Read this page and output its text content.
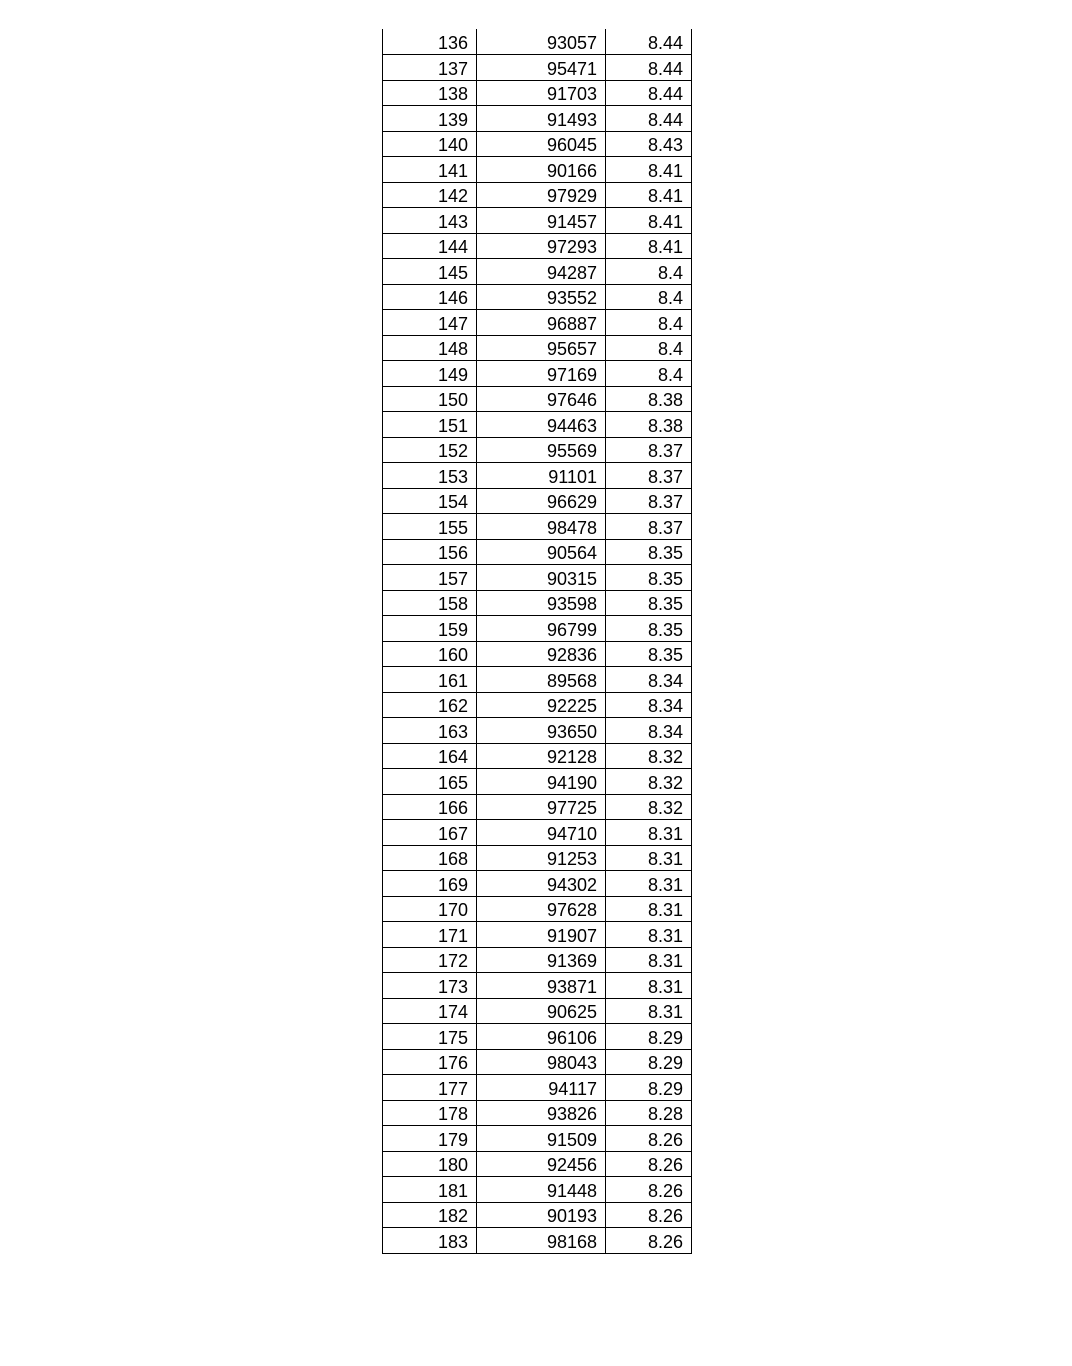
136	93057	8.44
137	95471	8.44
138	91703	8.44
139	91493	8.44
140	96045	8.43
141	90166	8.41
142	97929	8.41
143	91457	8.41
144	97293	8.41
145	94287	8.4
146	93552	8.4
147	96887	8.4
148	95657	8.4
149	97169	8.4
150	97646	8.38
151	94463	8.38
152	95569	8.37
153	91101	8.37
154	96629	8.37
155	98478	8.37
156	90564	8.35
157	90315	8.35
158	93598	8.35
159	96799	8.35
160	92836	8.35
161	89568	8.34
162	92225	8.34
163	93650	8.34
164	92128	8.32
165	94190	8.32
166	97725	8.32
167	94710	8.31
168	91253	8.31
169	94302	8.31
170	97628	8.31
171	91907	8.31
172	91369	8.31
173	93871	8.31
174	90625	8.31
175	96106	8.29
176	98043	8.29
177	94117	8.29
178	93826	8.28
179	91509	8.26
180	92456	8.26
181	91448	8.26
182	90193	8.26
183	98168	8.26
